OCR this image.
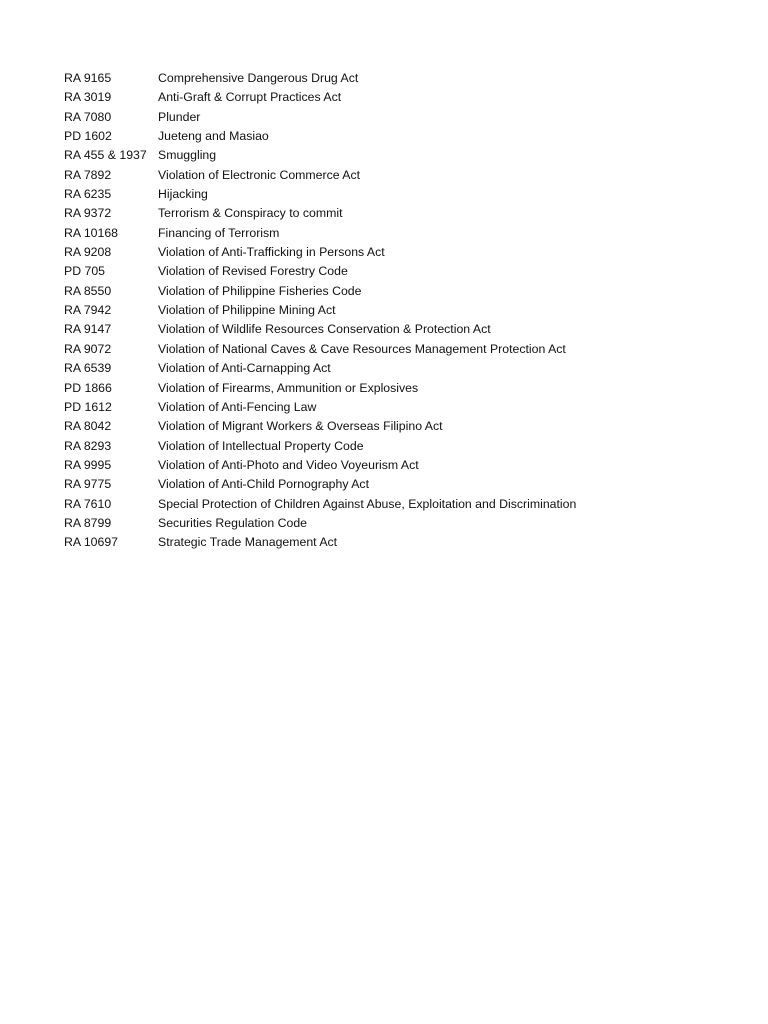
RA 9165	Comprehensive Dangerous Drug Act
RA 3019	Anti-Graft & Corrupt Practices Act
RA 7080	Plunder
PD 1602	Jueteng and Masiao
RA 455 & 1937	Smuggling
RA 7892	Violation of Electronic Commerce Act
RA 6235	Hijacking
RA 9372	Terrorism & Conspiracy to commit
RA 10168	Financing of Terrorism
RA 9208	Violation of Anti-Trafficking in Persons Act
PD 705	Violation of Revised Forestry Code
RA 8550	Violation of Philippine Fisheries Code
RA 7942	Violation of Philippine Mining Act
RA 9147	Violation of Wildlife Resources Conservation & Protection Act
RA 9072	Violation of National Caves & Cave Resources Management Protection Act
RA 6539	Violation of Anti-Carnapping Act
PD 1866	Violation of Firearms, Ammunition or Explosives
PD 1612	Violation of Anti-Fencing Law
RA 8042	Violation of Migrant Workers & Overseas Filipino Act
RA 8293	Violation of Intellectual Property Code
RA 9995	Violation of Anti-Photo and Video Voyeurism Act
RA 9775	Violation of Anti-Child Pornography Act
RA 7610	Special Protection of Children Against Abuse, Exploitation and Discrimination
RA 8799	Securities Regulation Code
RA 10697	Strategic Trade Management Act
